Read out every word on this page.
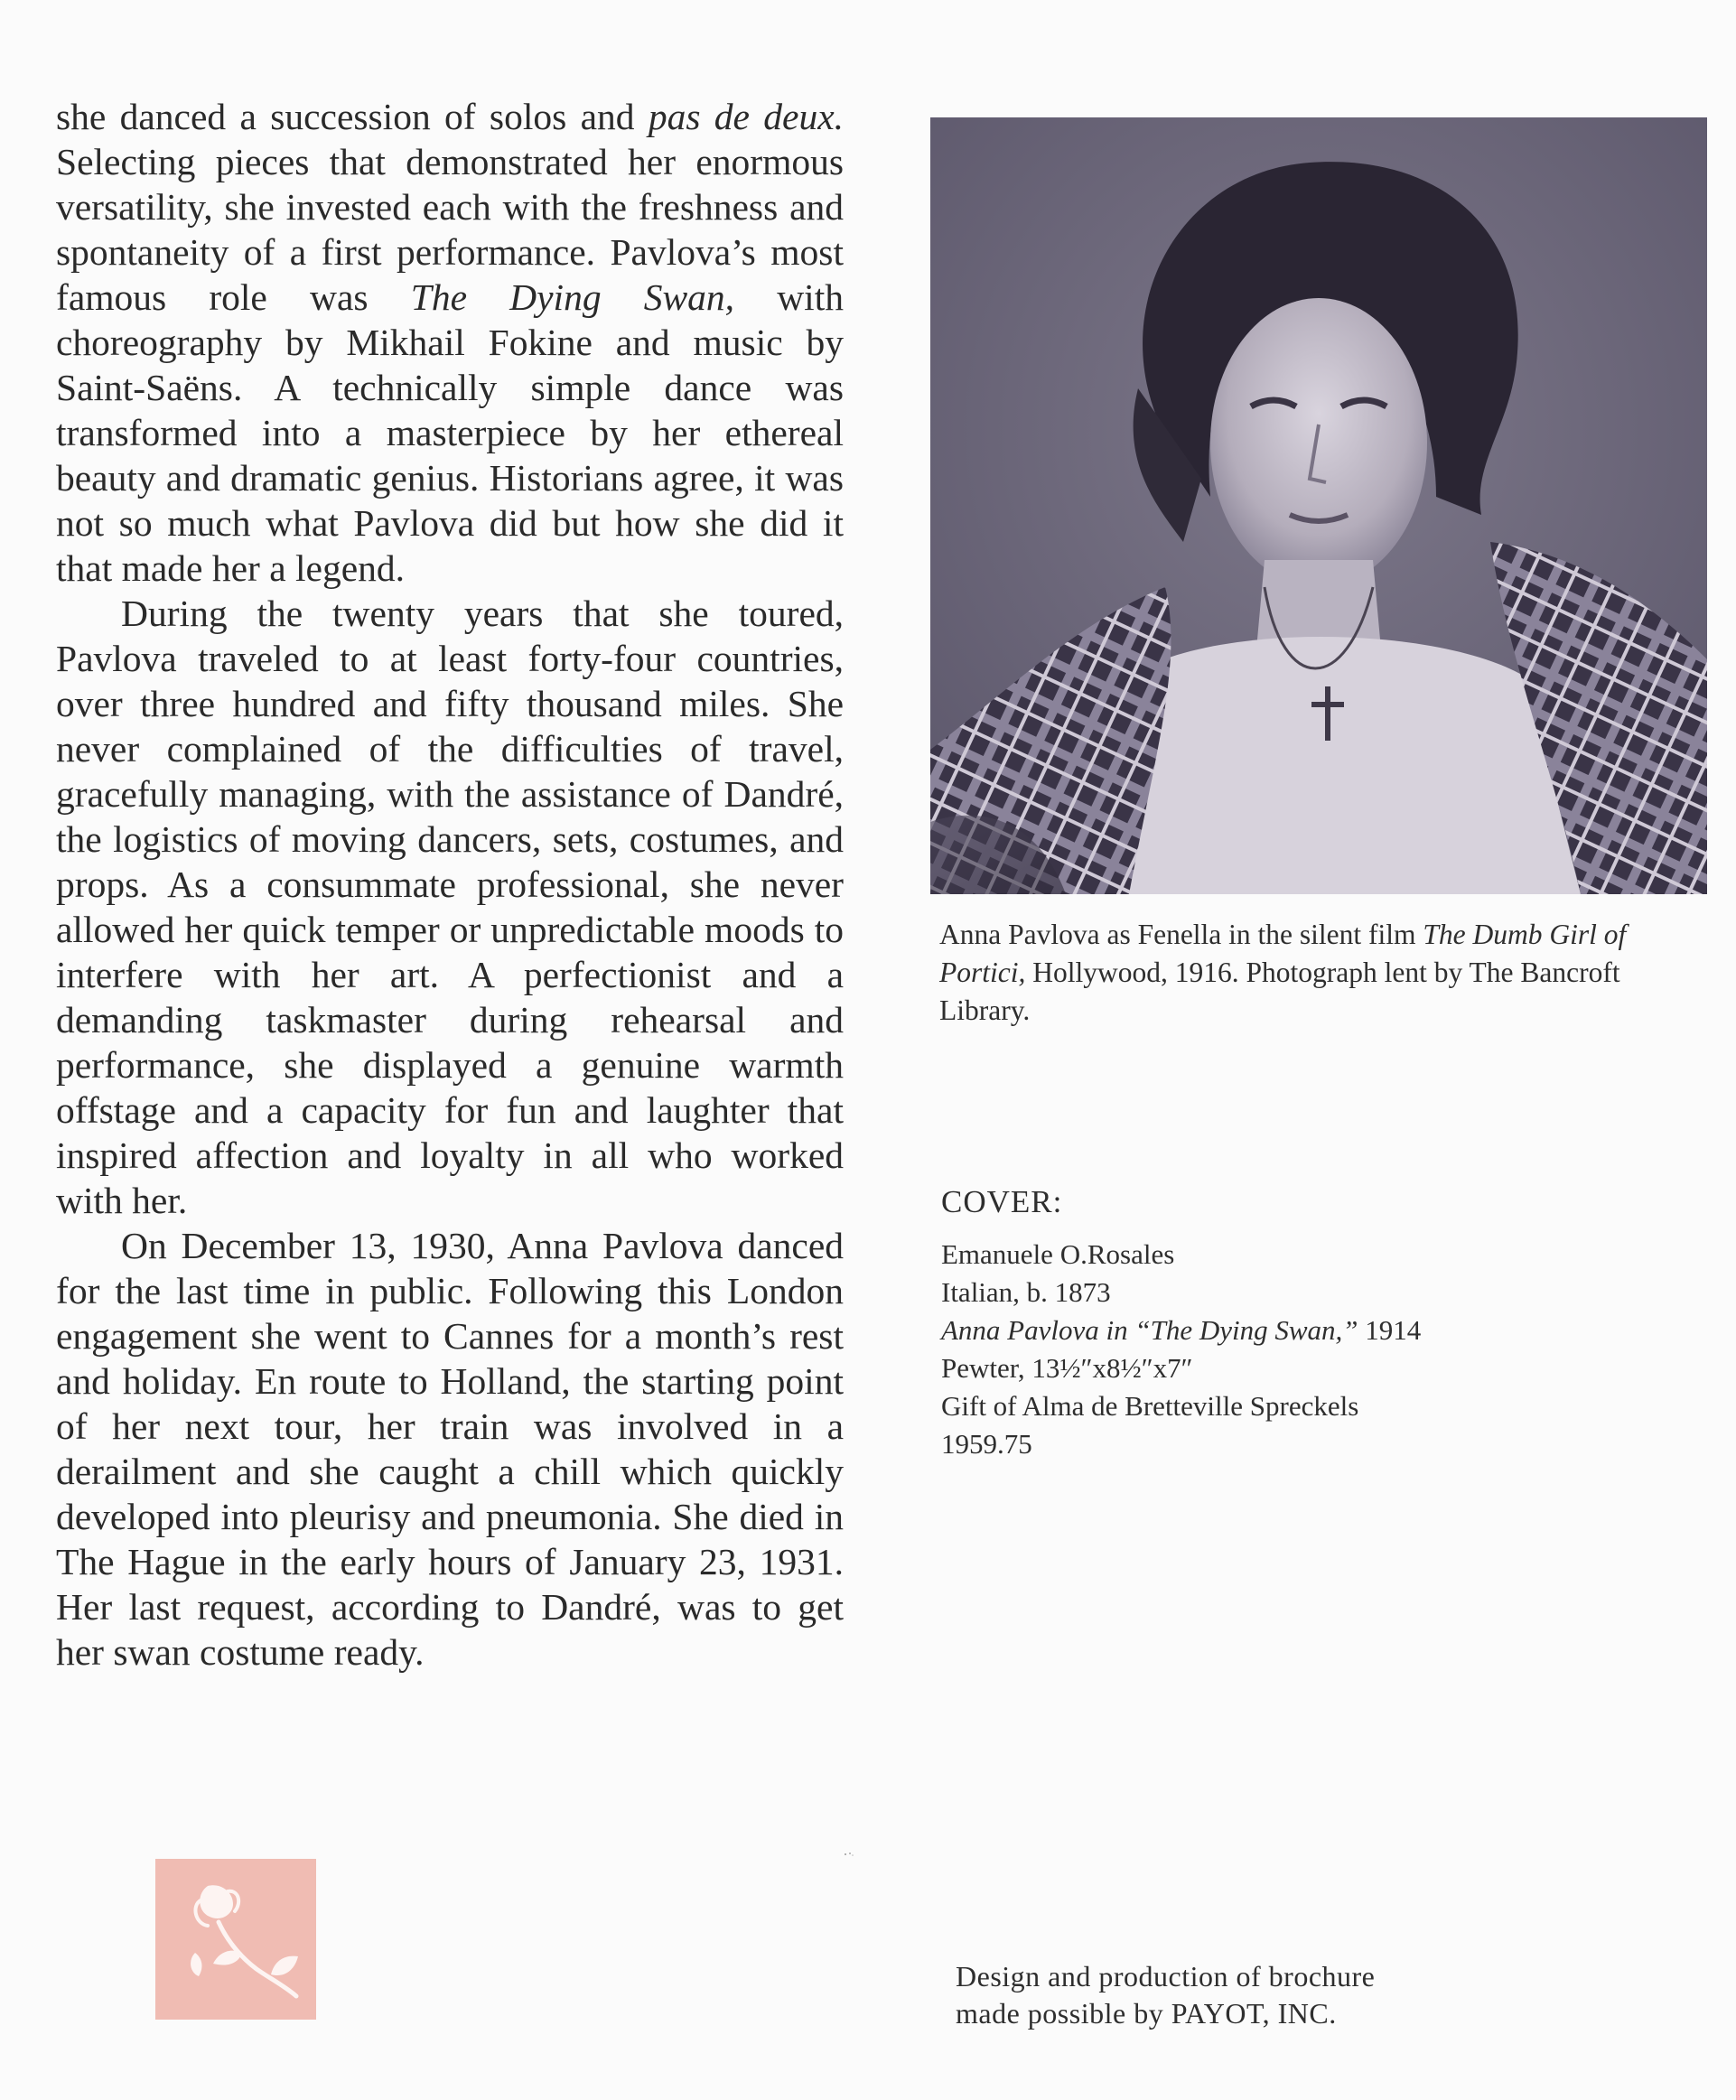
she danced a succession of solos and pas de deux. Selecting pieces that demonstrated her enormous versatility, she invested each with the freshness and spontaneity of a first performance. Pavlova’s most famous role was The Dying Swan, with choreography by Mikhail Fokine and music by Saint-Saëns. A technically simple dance was transformed into a masterpiece by her ethereal beauty and dramatic genius. Historians agree, it was not so much what Pavlova did but how she did it that made her a legend.

During the twenty years that she toured, Pavlova traveled to at least forty-four countries, over three hundred and fifty thousand miles. She never complained of the difficulties of travel, gracefully managing, with the assistance of Dandré, the logistics of moving dancers, sets, costumes, and props. As a consummate professional, she never allowed her quick temper or unpredictable moods to interfere with her art. A perfectionist and a demanding taskmaster during rehearsal and performance, she displayed a genuine warmth offstage and a capacity for fun and laughter that inspired affection and loyalty in all who worked with her.

On December 13, 1930, Anna Pavlova danced for the last time in public. Following this London engagement she went to Cannes for a month’s rest and holiday. En route to Holland, the starting point of her next tour, her train was involved in a derailment and she caught a chill which quickly developed into pleurisy and pneumonia. She died in The Hague in the early hours of January 23, 1931. Her last request, according to Dandré, was to get her swan costume ready.

Anna Pavlova as Fenella in the silent film The Dumb Girl of Portici, Hollywood, 1916. Photograph lent by The Bancroft Library.
COVER:
Emanuele O.Rosales
Italian, b. 1873
Anna Pavlova in “The Dying Swan,” 1914
Pewter, 13½″x8½″x7″
Gift of Alma de Bretteville Spreckels
1959.75
Design and production of brochure
made possible by PAYOT, INC.
